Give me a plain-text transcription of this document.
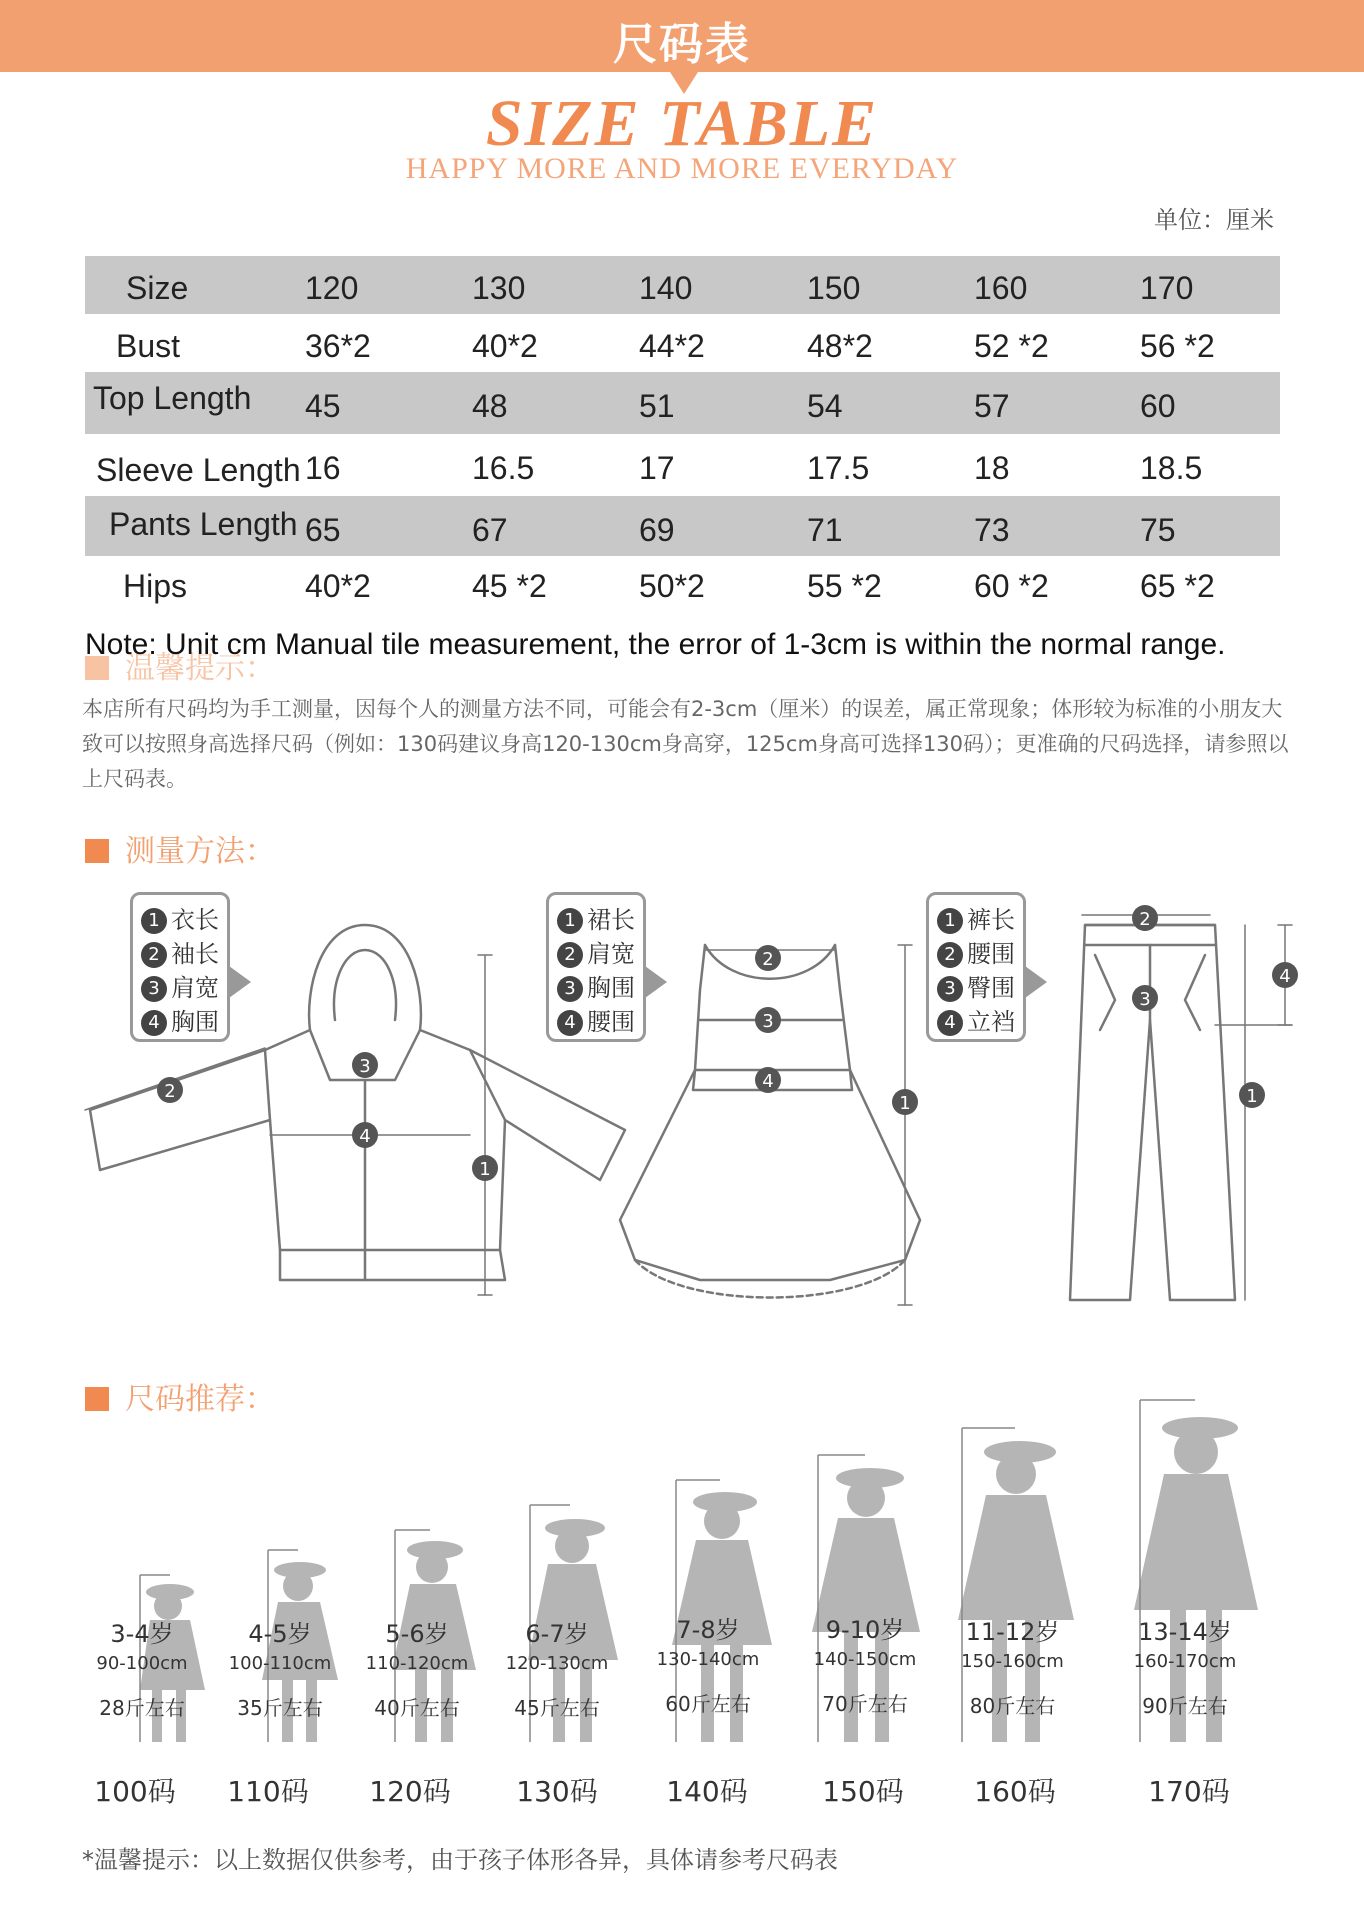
尺码表
SIZE TABLE
HAPPY MORE AND MORE EVERYDAY
单位：厘米
Size	120	130	140	150	160	170
Bust	36*2	40*2	44*2	48*2	52 *2	56 *2
Top Length 45	48	51	54	57	60
Sleeve Length 16	16.5	17	17.5	18	18.5
Pants Length 65	67	69	71	73	75
Hips	40*2	45 *2	50*2	55 *2	60 *2	65 *2
温馨提示：
Note: Unit cm Manual tile measurement, the error of 1-3cm is within the normal range.
本店所有尺码均为手工测量，因每个人的测量方法不同，可能会有2-3cm（厘米）的误差，属正常现象；体形较为标准的小朋友大致可以按照身高选择尺码（例如：130码建议身高120-130cm身高穿，125cm身高可选择130码）；更准确的尺码选择，请参照以上尺码表。
测量方法：
1 衣长
2 袖长
3 肩宽
4 胸围
1 裙长
2 肩宽
3 胸围
4 腰围
1 裤长
2 腰围
3 臀围
4 立裆
2
3
4
1
2
3
4
1
2
3
4
1
尺码推荐：
3-4岁
90-100cm
28斤左右
4-5岁
100-110cm
35斤左右
5-6岁
110-120cm
40斤左右
6-7岁
120-130cm
45斤左右
7-8岁
130-140cm
60斤左右
9-10岁
140-150cm
70斤左右
11-12岁
150-160cm
80斤左右
13-14岁
160-170cm
90斤左右
100码	110码	120码	130码	140码	150码	160码	170码
*温馨提示：以上数据仅供参考，由于孩子体形各异，具体请参考尺码表
